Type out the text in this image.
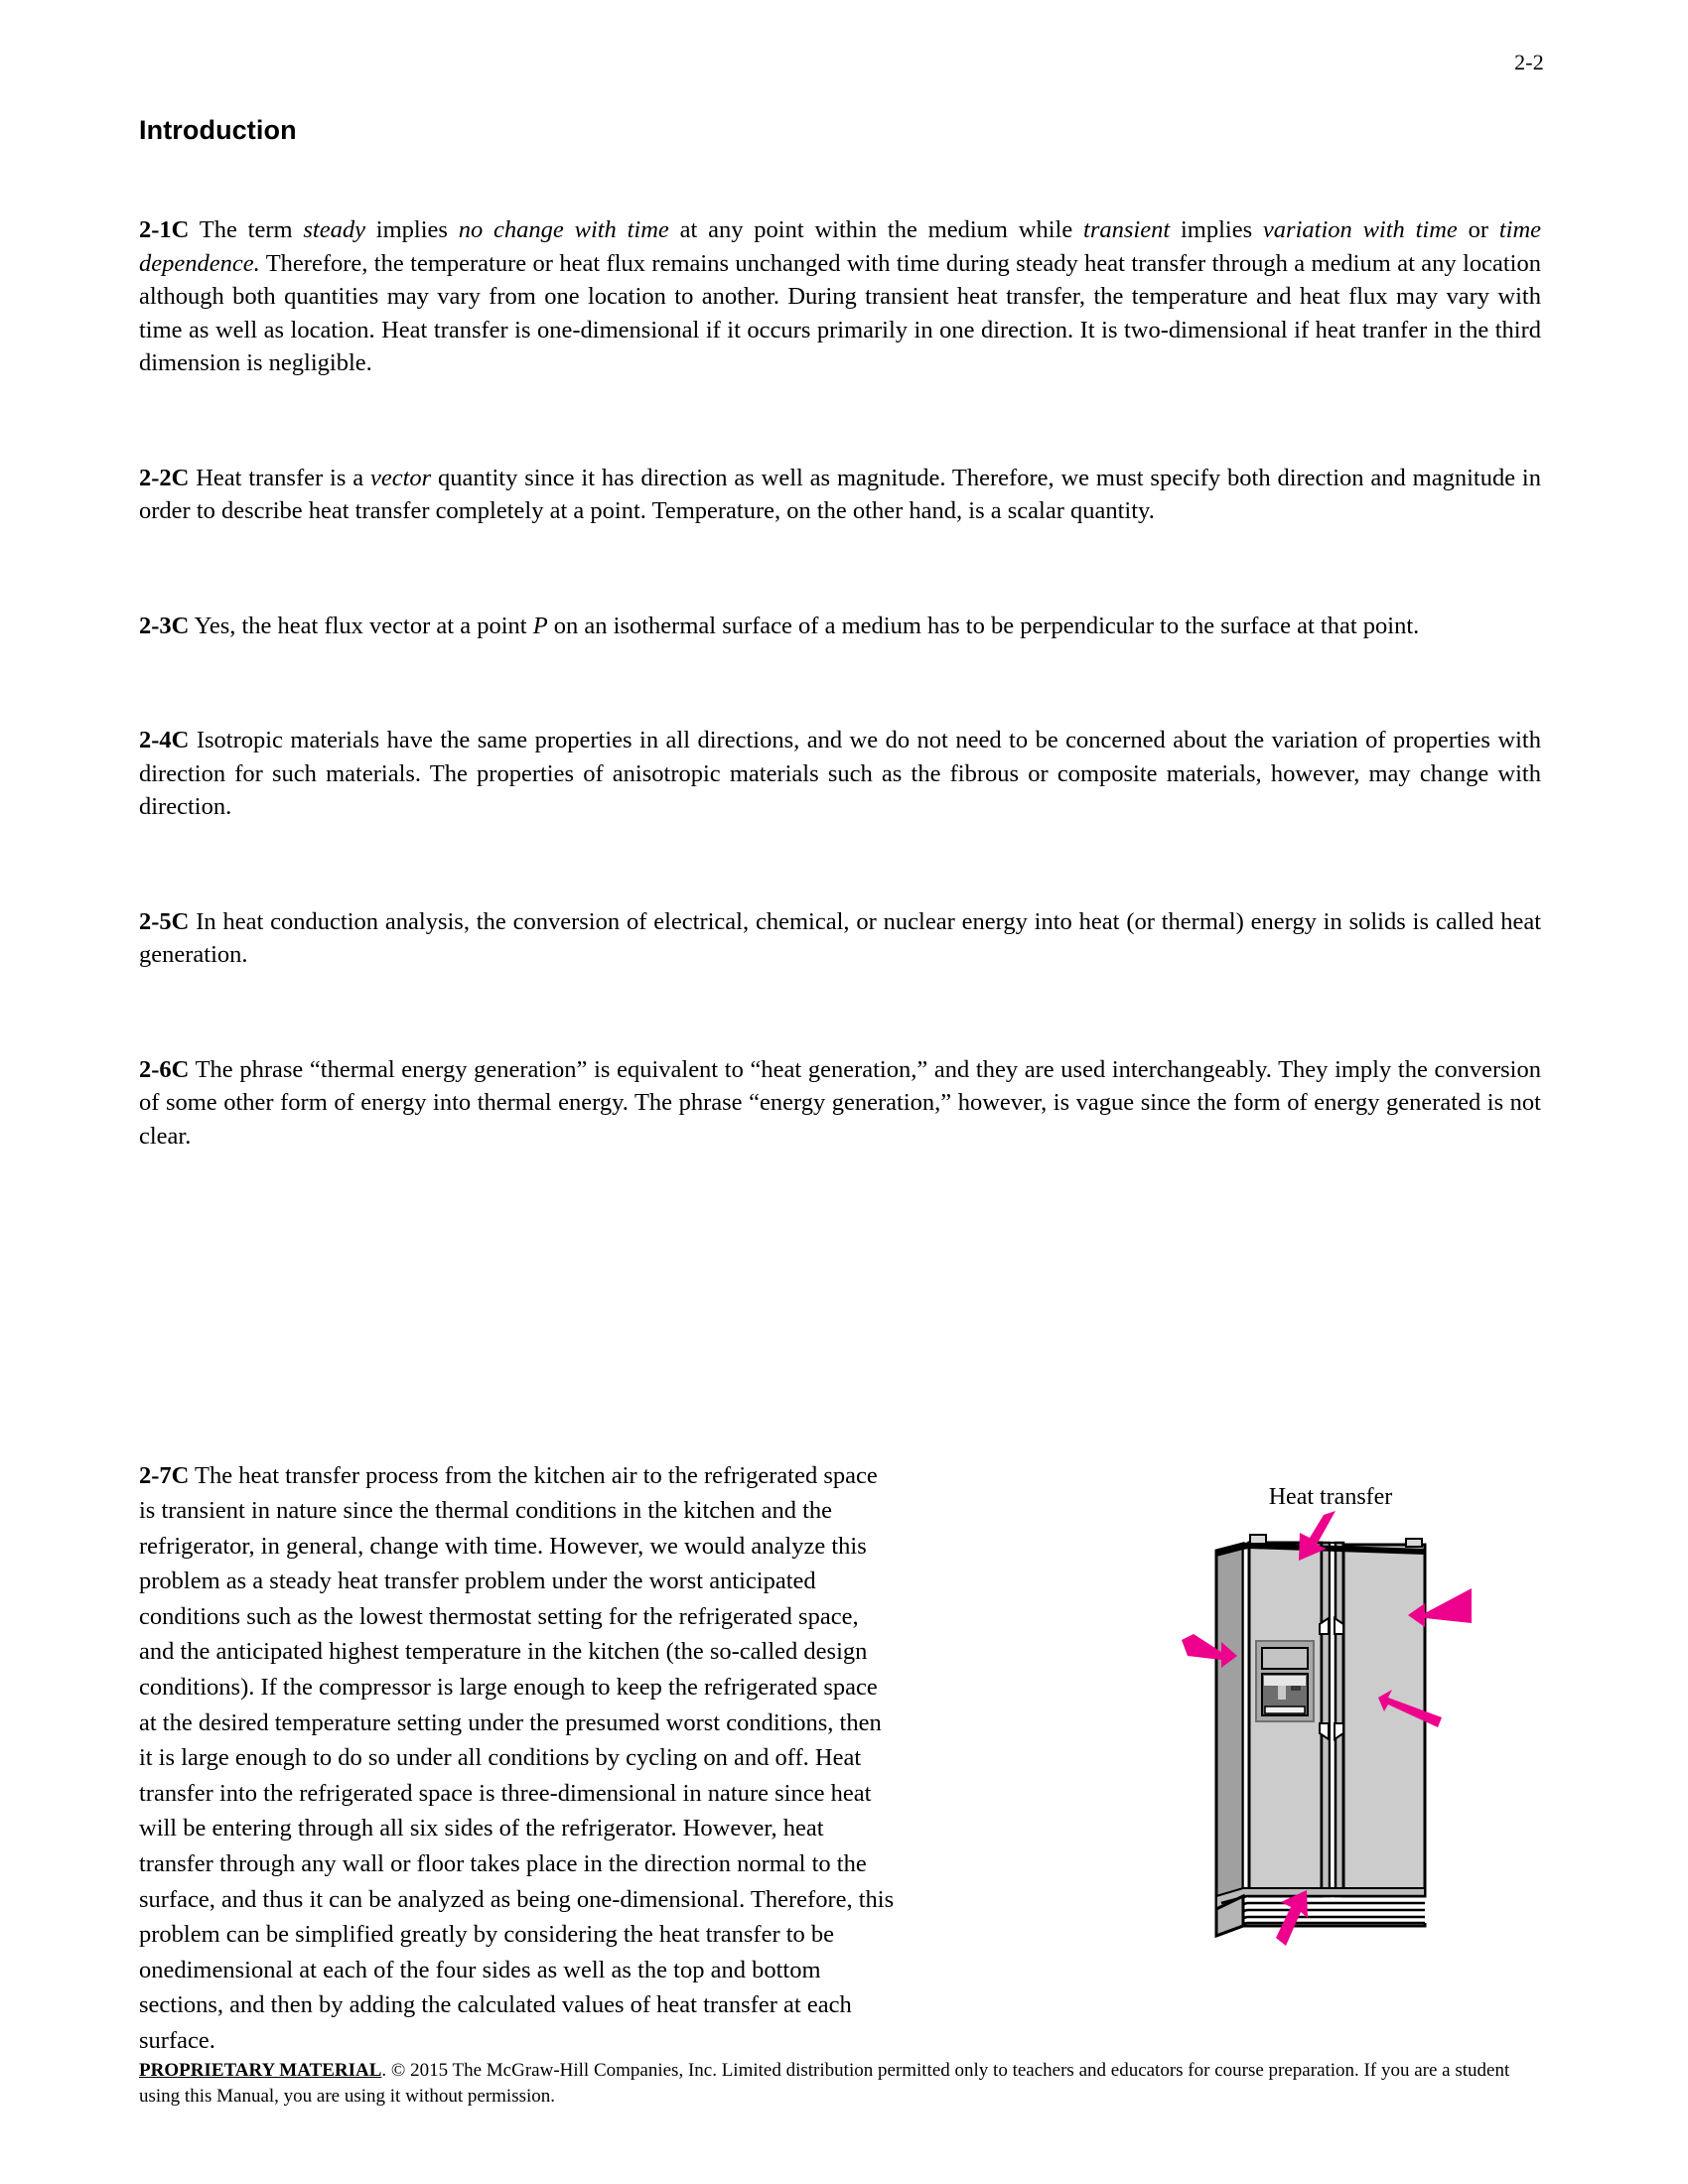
2-2
Introduction

2-1C The term steady implies no change with time at any point within the medium while transient implies variation with time or time dependence. Therefore, the temperature or heat flux remains unchanged with time during steady heat transfer through a medium at any location although both quantities may vary from one location to another. During transient heat transfer, the temperature and heat flux may vary with time as well as location. Heat transfer is one-dimensional if it occurs primarily in one direction. It is two-dimensional if heat tranfer in the third dimension is negligible.

2-2C Heat transfer is a vector quantity since it has direction as well as magnitude. Therefore, we must specify both direction and magnitude in order to describe heat transfer completely at a point. Temperature, on the other hand, is a scalar quantity.

2-3C Yes, the heat flux vector at a point P on an isothermal surface of a medium has to be perpendicular to the surface at that point.

2-4C Isotropic materials have the same properties in all directions, and we do not need to be concerned about the variation of properties with direction for such materials. The properties of anisotropic materials such as the fibrous or composite materials, however, may change with direction.

2-5C In heat conduction analysis, the conversion of electrical, chemical, or nuclear energy into heat (or thermal) energy in solids is called heat generation.

2-6C The phrase “thermal energy generation” is equivalent to “heat generation,” and they are used interchangeably. They imply the conversion of some other form of energy into thermal energy. The phrase “energy generation,” however, is vague since the form of energy generated is not clear.

2-7C The heat transfer process from the kitchen air to the refrigerated space is transient in nature since the thermal conditions in the kitchen and the refrigerator, in general, change with time. However, we would analyze this problem as a steady heat transfer problem under the worst anticipated conditions such as the lowest thermostat setting for the refrigerated space, and the anticipated highest temperature in the kitchen (the so-called design conditions). If the compressor is large enough to keep the refrigerated space at the desired temperature setting under the presumed worst conditions, then it is large enough to do so under all conditions by cycling on and off. Heat transfer into the refrigerated space is three-dimensional in nature since heat will be entering through all six sides of the refrigerator. However, heat transfer through any wall or floor takes place in the direction normal to the surface, and thus it can be analyzed as being one-dimensional. Therefore, this problem can be simplified greatly by considering the heat transfer to be onedimensional at each of the four sides as well as the top and bottom sections, and then by adding the calculated values of heat transfer at each surface.

Heat transfer
PROPRIETARY MATERIAL. © 2015 The McGraw-Hill Companies, Inc. Limited distribution permitted only to teachers and educators for course preparation. If you are a student using this Manual, you are using it without permission.
